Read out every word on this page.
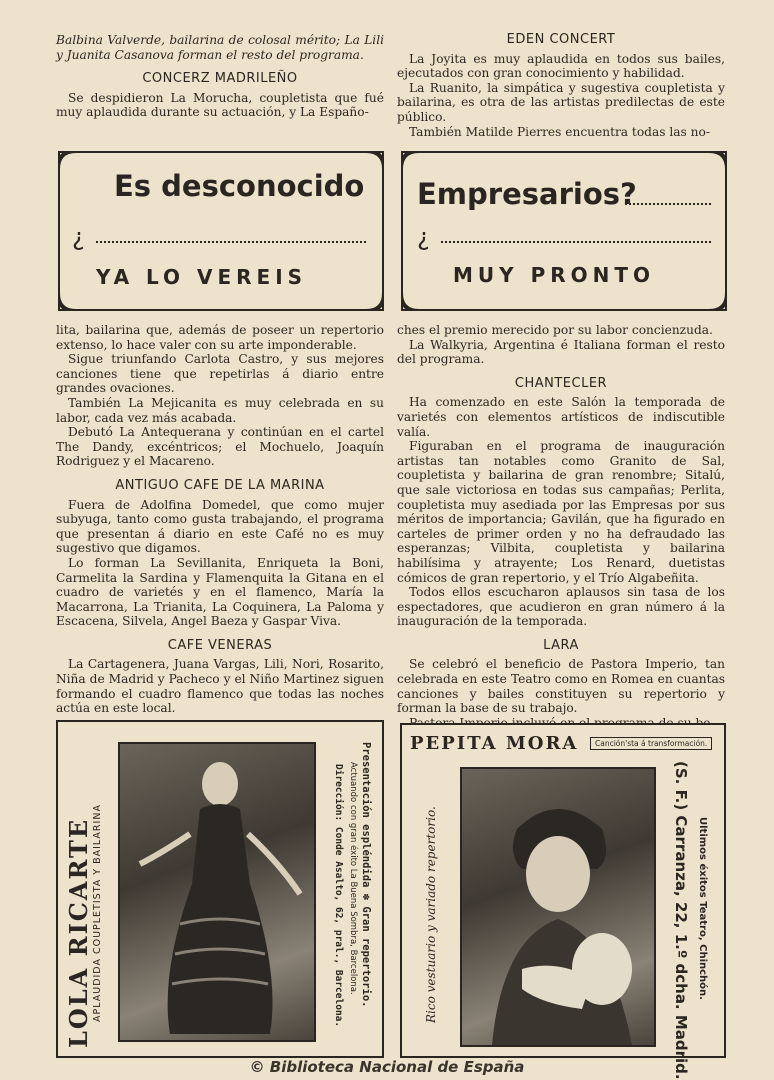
Balbina Valverde, bailarina de colosal mérito; La Lili y Juanita Casanova forman el resto del programa.

CONCERZ MADRILEÑO

Se despidieron La Morucha, coupletista que fué muy aplaudida durante su actuación, y La Españo-

EDEN CONCERT

La Joyita es muy aplaudida en todos sus bailes, ejecutados con gran conocimiento y habilidad.

La Ruanito, la simpática y sugestiva coupletista y bailarina, es otra de las artistas predilectas de este público.

También Matilde Pierres encuentra todas las no-

Es desconocido
¿
YA LO VEREIS
Empresarios?
¿
MUY PRONTO

lita, bailarina que, además de poseer un repertorio extenso, lo hace valer con su arte imponderable.

Sigue triunfando Carlota Castro, y sus mejores canciones tiene que repetirlas á diario entre grandes ovaciones.

También La Mejicanita es muy celebrada en su labor, cada vez más acabada.

Debutó La Antequerana y continúan en el cartel The Dandy, excéntricos; el Mochuelo, Joaquín Rodriguez y el Macareno.

ANTIGUO CAFE DE LA MARINA

Fuera de Adolfina Domedel, que como mujer subyuga, tanto como gusta trabajando, el programa que presentan á diario en este Café no es muy sugestivo que digamos.

Lo forman La Sevillanita, Enriqueta la Boni, Carmelita la Sardina y Flamenquita la Gitana en el cuadro de varietés y en el flamenco, María la Macarrona, La Trianita, La Coquinera, La Paloma y Escacena, Silvela, Angel Baeza y Gaspar Viva.

CAFE VENERAS

La Cartagenera, Juana Vargas, Lili, Nori, Rosarito, Niña de Madrid y Pacheco y el Niño Martinez siguen formando el cuadro flamenco que todas las noches actúa en este local.

ches el premio merecido por su labor concienzuda.

La Walkyria, Argentina é Italiana forman el resto del programa.

CHANTECLER

Ha comenzado en este Salón la temporada de varietés con elementos artísticos de indiscutible valía.

Figuraban en el programa de inauguración artistas tan notables como Granito de Sal, coupletista y bailarina de gran renombre; Sitalú, que sale victoriosa en todas sus campañas; Perlita, coupletista muy asediada por las Empresas por sus méritos de importancia; Gavilán, que ha figurado en carteles de primer orden y no ha defraudado las esperanzas; Vilbita, coupletista y bailarina habilísima y atrayente; Los Renard, duetistas cómicos de gran repertorio, y el Trío Algabeñita.

Todos ellos escucharon aplausos sin tasa de los espectadores, que acudieron en gran número á la inauguración de la temporada.

LARA

Se celebró el beneficio de Pastora Imperio, tan celebrada en este Teatro como en Romea en cuantas canciones y bailes constituyen su repertorio y forman la base de su trabajo.

LOLA RICARTE APLAUDIDA COUPLETISTA Y BAILARINA	Presentación espléndida ✽ Gran repertorio.
Actuando con gran éxito La Buena Sombra, Barcelona.
Dirección: Conde Asalto, 62, pral., Barcelona.
PEPITA MORA	Canción'sta á transformación.
Rico vestuario y variado repertorio.	Ultimos éxitos Teatro, Chinchón.
(S. F.) Carranza, 22, 1.º dcha. Madrid.
© Biblioteca Nacional de España
